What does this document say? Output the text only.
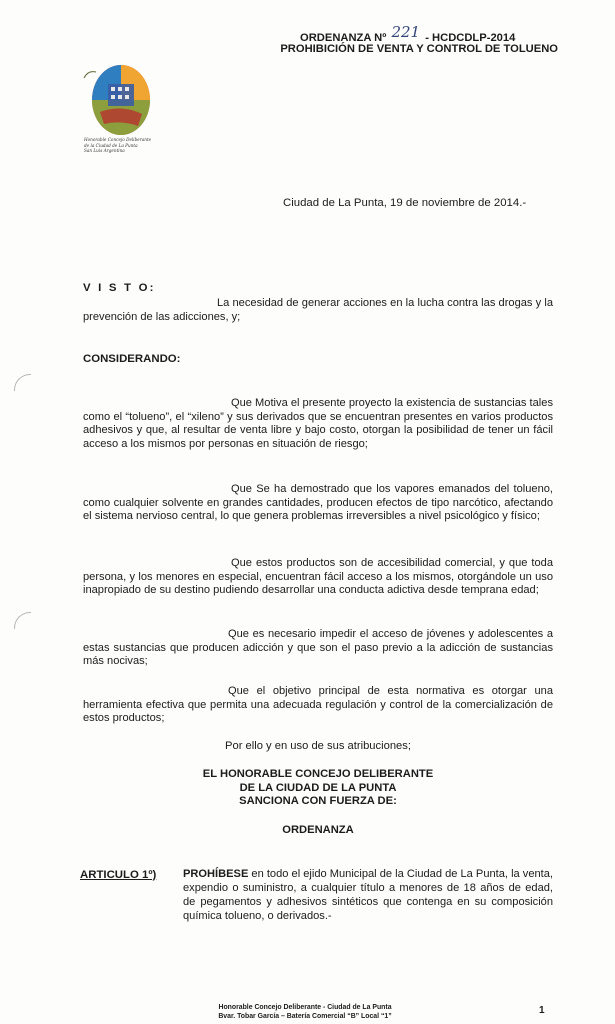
ORDENANZA Nº 221 - HCDCDLP-2014
PROHIBICIÓN DE VENTA Y CONTROL DE TOLUENO
Honorable Concejo Deliberante
de la Ciudad de La Punta
San Luis Argentina
Ciudad de La Punta, 19 de noviembre de 2014.-
V I S T O:
La necesidad de generar acciones en la lucha contra las drogas y la prevención de las adicciones, y;
CONSIDERANDO:
Que Motiva el presente proyecto la existencia de sustancias tales como el “tolueno”, el “xileno” y sus derivados que se encuentran presentes en varios productos adhesivos y que, al resultar de venta libre y bajo costo, otorgan la posibilidad de tener un fácil acceso a los mismos por personas en situación de riesgo;
Que Se ha demostrado que los vapores emanados del tolueno, como cualquier solvente en grandes cantidades, producen efectos de tipo narcótico, afectando el sistema nervioso central, lo que genera problemas irreversibles a nivel psicológico y físico;
Que estos productos son de accesibilidad comercial, y que toda persona, y los menores en especial, encuentran fácil acceso a los mismos, otorgándole un uso inapropiado de su destino pudiendo desarrollar una conducta adictiva desde temprana edad;
Que es necesario impedir el acceso de jóvenes y adolescentes a estas sustancias que producen adicción y que son el paso previo a la adicción de sustancias más nocivas;
Que el objetivo principal de esta normativa es otorgar una herramienta efectiva que permita una adecuada regulación y control de la comercialización de estos productos;
Por ello y en uso de sus atribuciones;
EL HONORABLE CONCEJO DELIBERANTE
DE LA CIUDAD DE LA PUNTA
SANCIONA CON FUERZA DE:
ORDENANZA
ARTICULO 1º) PROHÍBESE en todo el ejido Municipal de la Ciudad de La Punta, la venta, expendio o suministro, a cualquier título a menores de 18 años de edad, de pegamentos y adhesivos sintéticos que contenga en su composición química tolueno, o derivados.-
Honorable Concejo Deliberante - Ciudad de La Punta
Bvar. Tobar García – Batería Comercial “B” Local “1”
1
